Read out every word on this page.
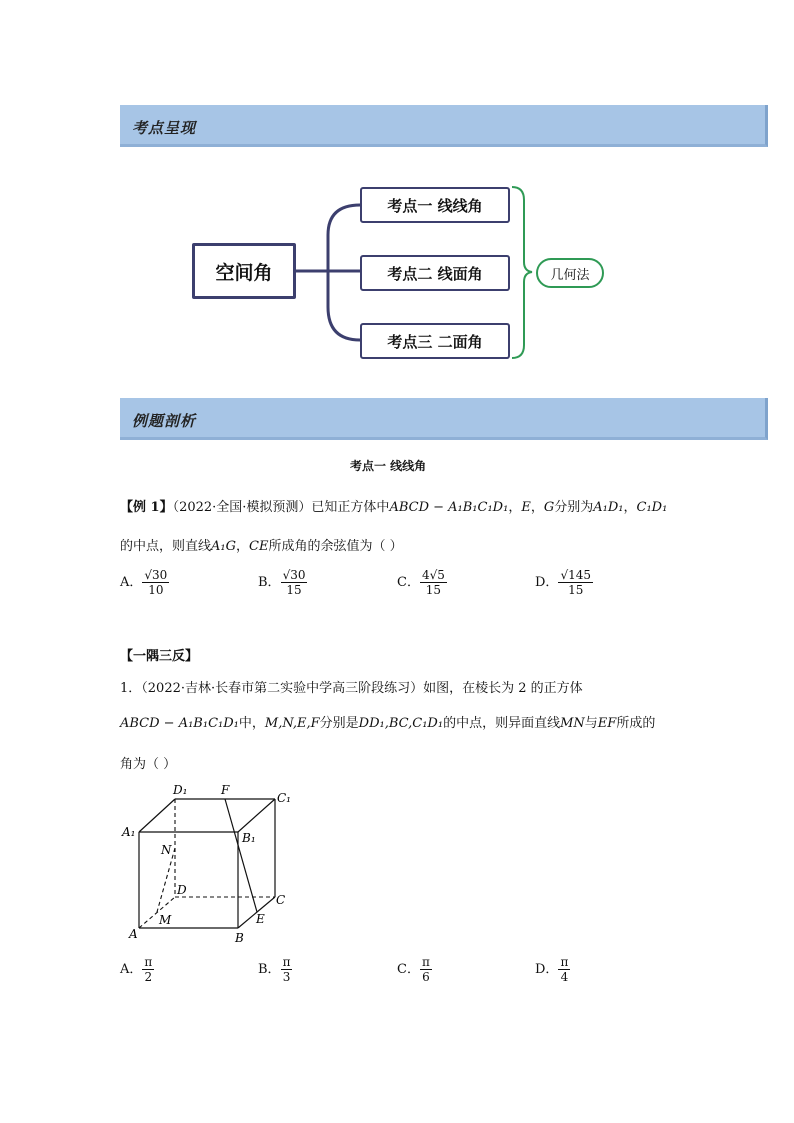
考点呈现
空间角
考点一 线线角
考点二 线面角
考点三 二面角
几何法
例题剖析
考点一 线线角
【例 1】（2022·全国·模拟预测）已知正方体中ABCD − A₁B₁C₁D₁，E，G分别为A₁D₁，C₁D₁
的中点，则直线A₁G，CE所成角的余弦值为（ ）
A． $\frac{√30}{10}$	B． $\frac{√30}{15}$	C． $\frac{4√5}{15}$	D． $\frac{√145}{15}$
【一隅三反】
1．（2022·吉林·长春市第二实验中学高三阶段练习）如图，在棱长为 2 的正方体
ABCD − A₁B₁C₁D₁中，M,N,E,F分别是DD₁,BC,C₁D₁的中点，则异面直线MN与EF所成的
角为（ ）
D₁	F
C₁
A₁	B₁
N
D
C
M	E
A	B
A． $\frac{\pi}{2}$	B． $\frac{\pi}{3}$	C． $\frac{\pi}{6}$	D． $\frac{\pi}{4}$
